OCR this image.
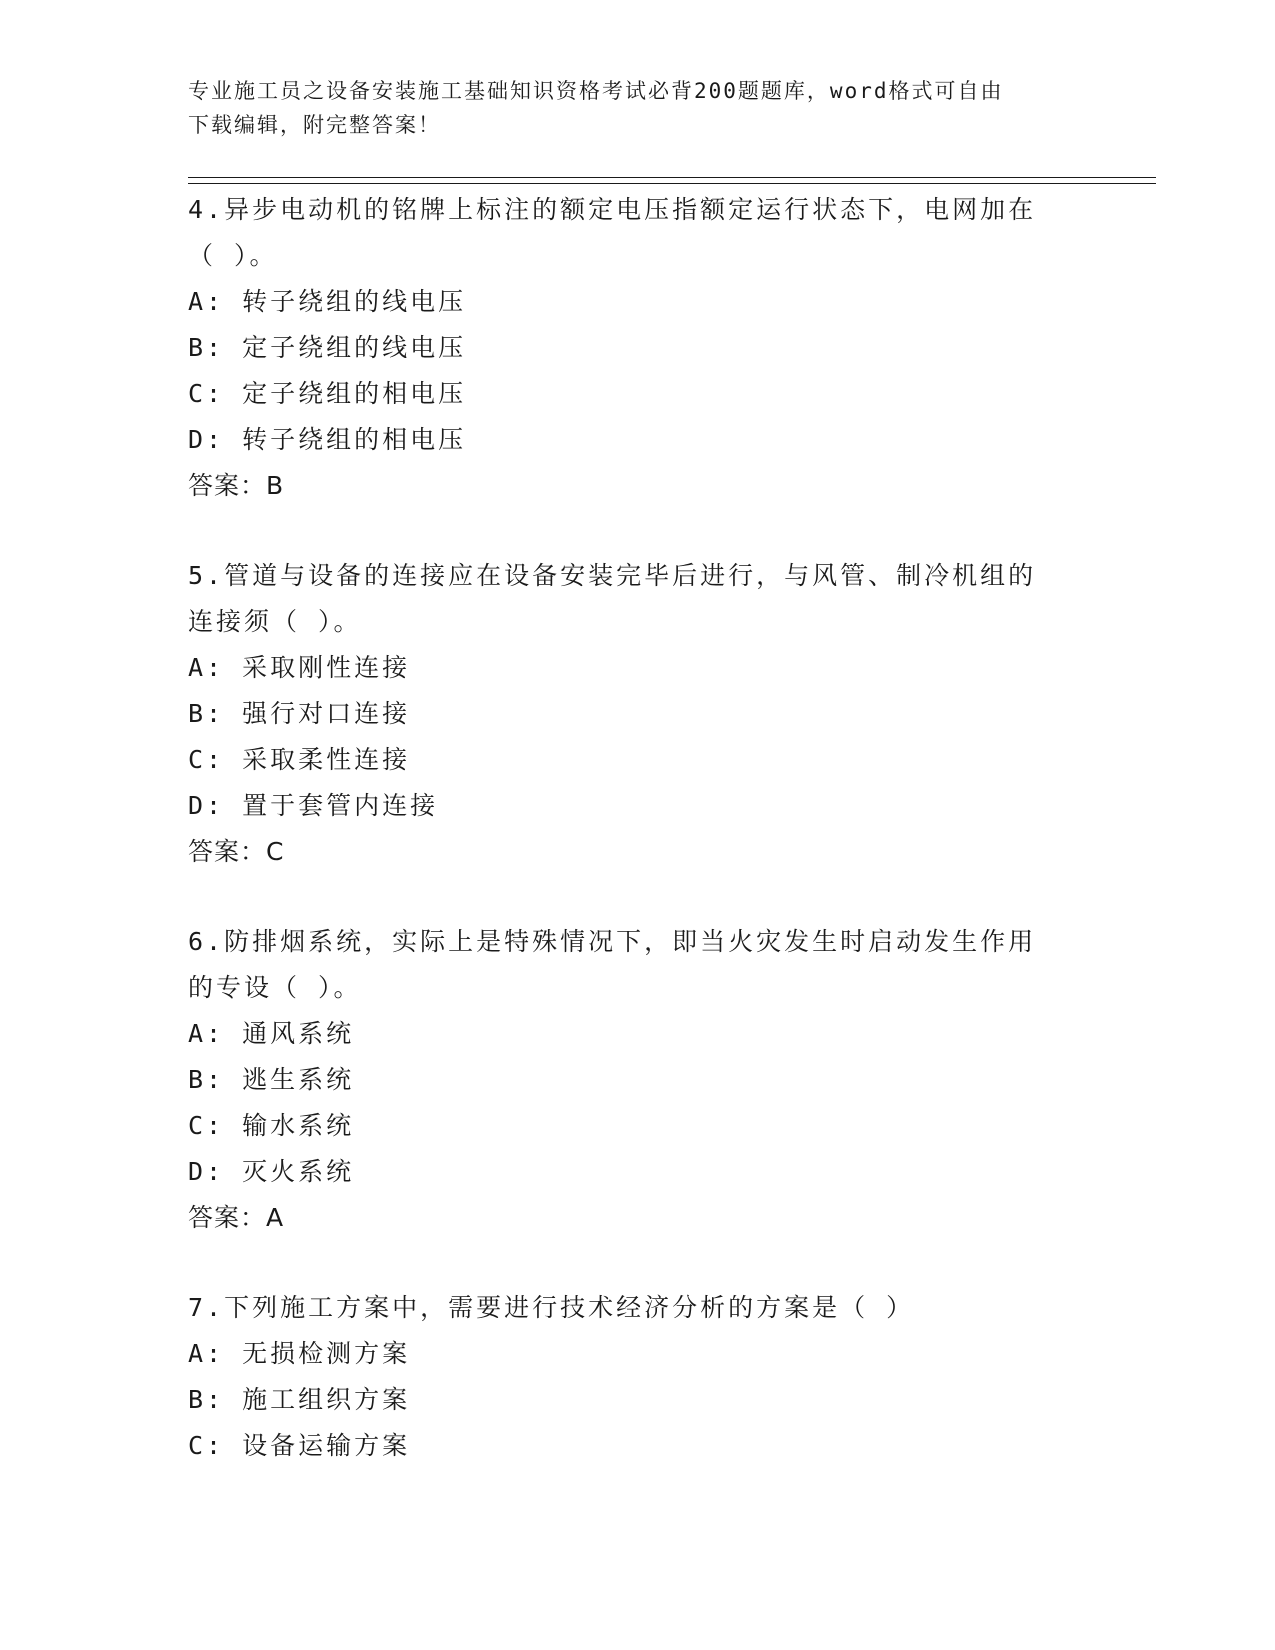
专业施工员之设备安装施工基础知识资格考试必背200题题库，word格式可自由
下载编辑，附完整答案！

4.异步电动机的铭牌上标注的额定电压指额定运行状态下，电网加在

（ ）。

A: 转子绕组的线电压

B: 定子绕组的线电压

C: 定子绕组的相电压

D: 转子绕组的相电压

答案：B

5.管道与设备的连接应在设备安装完毕后进行，与风管、制冷机组的

连接须（ ）。

A: 采取刚性连接

B: 强行对口连接

C: 采取柔性连接

D: 置于套管内连接

答案：C

6.防排烟系统，实际上是特殊情况下，即当火灾发生时启动发生作用

的专设（ ）。

A: 通风系统

B: 逃生系统

C: 输水系统

D: 灭火系统

答案：A

7.下列施工方案中，需要进行技术经济分析的方案是（ ）

A: 无损检测方案

B: 施工组织方案

C: 设备运输方案
